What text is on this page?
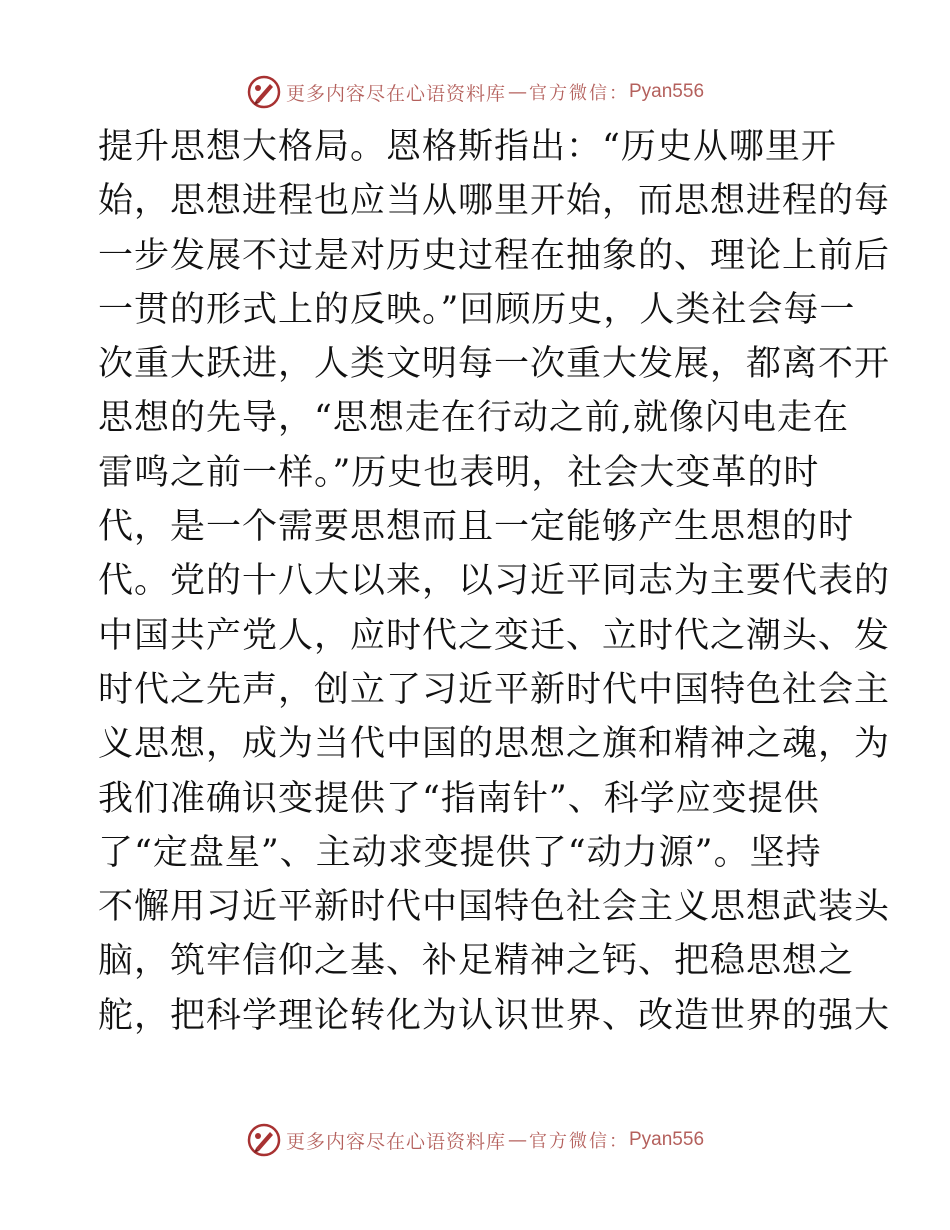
更多内容尽在心语资料库 — 官方微信： Pyan556
提升思想大格局。恩格斯指出：“历史从哪里开
始，思想进程也应当从哪里开始，而思想进程的每
一步发展不过是对历史过程在抽象的、理论上前后
一贯的形式上的反映。”回顾历史，人类社会每一
次重大跃进，人类文明每一次重大发展，都离不开
思想的先导，“思想走在行动之前,就像闪电走在
雷鸣之前一样。”历史也表明，社会大变革的时
代，是一个需要思想而且一定能够产生思想的时
代。党的十八大以来，以习近平同志为主要代表的
中国共产党人，应时代之变迁、立时代之潮头、发
时代之先声，创立了习近平新时代中国特色社会主
义思想，成为当代中国的思想之旗和精神之魂，为
我们准确识变提供了“指南针”、科学应变提供
了“定盘星”、主动求变提供了“动力源”。坚持
不懈用习近平新时代中国特色社会主义思想武装头
脑，筑牢信仰之基、补足精神之钙、把稳思想之
舵，把科学理论转化为认识世界、改造世界的强大
更多内容尽在心语资料库 — 官方微信： Pyan556
